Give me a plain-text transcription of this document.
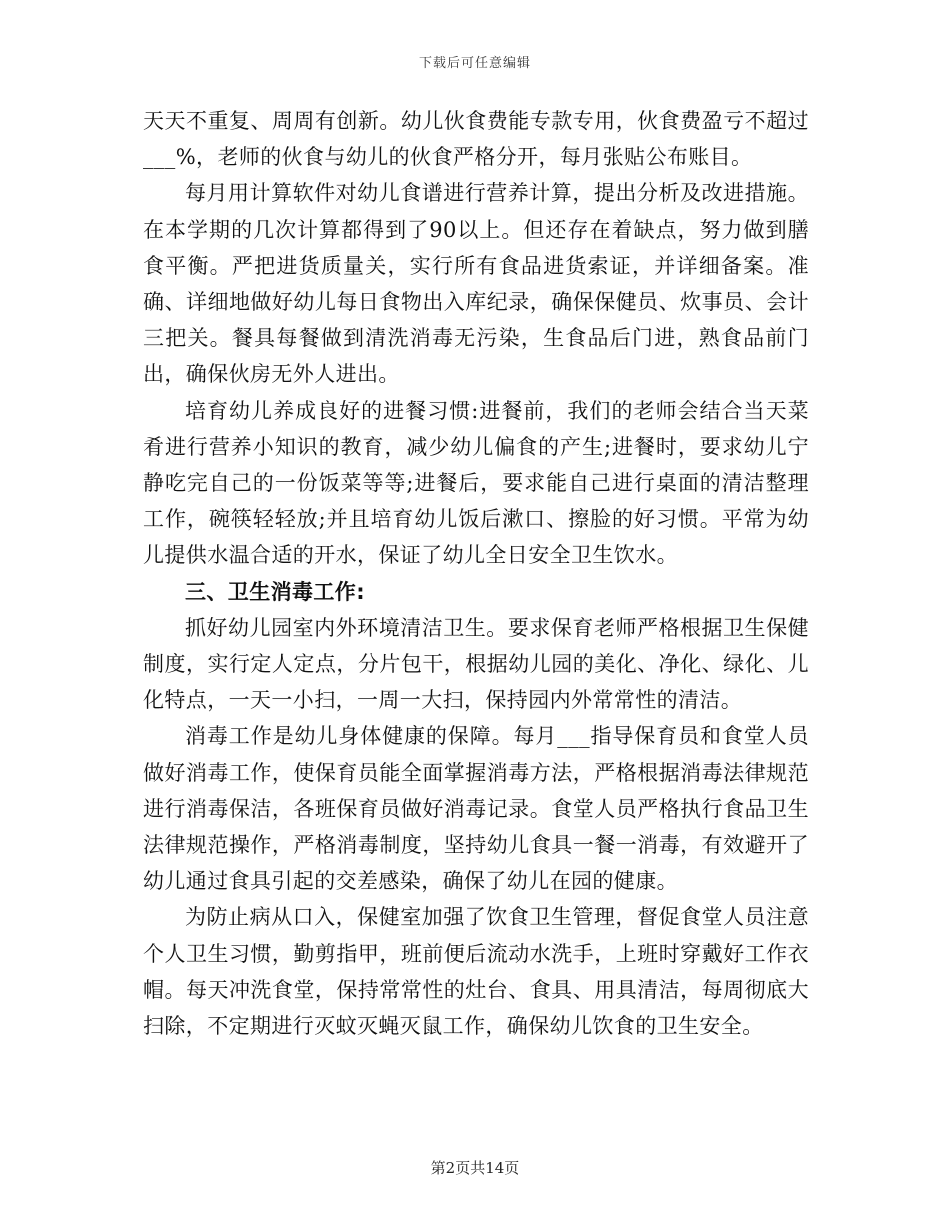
下载后可任意编辑

天天不重复、周周有创新。幼儿伙食费能专款专用，伙食费盈亏不超过___%，老师的伙食与幼儿的伙食严格分开，每月张贴公布账目。

每月用计算软件对幼儿食谱进行营养计算，提出分析及改进措施。在本学期的几次计算都得到了90以上。但还存在着缺点，努力做到膳食平衡。严把进货质量关，实行所有食品进货索证，并详细备案。准确、详细地做好幼儿每日食物出入库纪录，确保保健员、炊事员、会计三把关。餐具每餐做到清洗消毒无污染，生食品后门进，熟食品前门出，确保伙房无外人进出。

培育幼儿养成良好的进餐习惯:进餐前，我们的老师会结合当天菜肴进行营养小知识的教育，减少幼儿偏食的产生;进餐时，要求幼儿宁静吃完自己的一份饭菜等等;进餐后，要求能自己进行桌面的清洁整理工作，碗筷轻轻放;并且培育幼儿饭后漱口、擦脸的好习惯。平常为幼儿提供水温合适的开水，保证了幼儿全日安全卫生饮水。

三、卫生消毒工作:

抓好幼儿园室内外环境清洁卫生。要求保育老师严格根据卫生保健制度，实行定人定点，分片包干，根据幼儿园的美化、净化、绿化、儿化特点，一天一小扫，一周一大扫，保持园内外常常性的清洁。

消毒工作是幼儿身体健康的保障。每月___指导保育员和食堂人员做好消毒工作，使保育员能全面掌握消毒方法，严格根据消毒法律规范进行消毒保洁，各班保育员做好消毒记录。食堂人员严格执行食品卫生法律规范操作，严格消毒制度，坚持幼儿食具一餐一消毒，有效避开了幼儿通过食具引起的交差感染，确保了幼儿在园的健康。

为防止病从口入，保健室加强了饮食卫生管理，督促食堂人员注意个人卫生习惯，勤剪指甲，班前便后流动水洗手，上班时穿戴好工作衣帽。每天冲洗食堂，保持常常性的灶台、食具、用具清洁，每周彻底大扫除，不定期进行灭蚊灭蝇灭鼠工作，确保幼儿饮食的卫生安全。

第2页共14页
